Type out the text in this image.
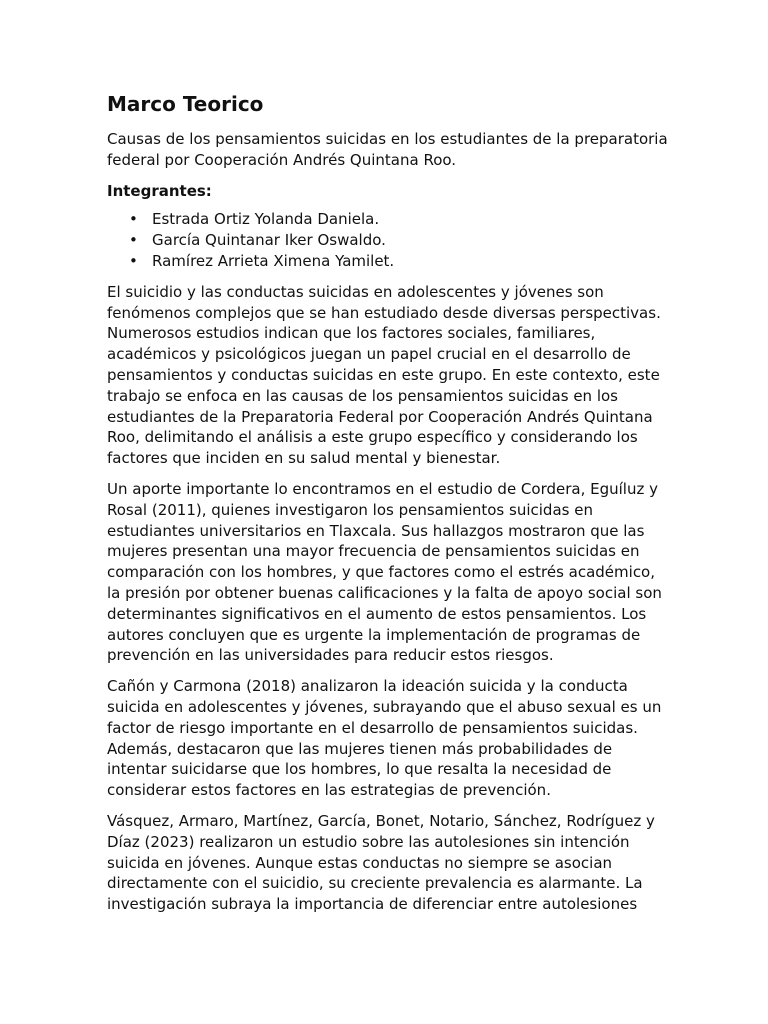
Marco Teorico

Causas de los pensamientos suicidas en los estudiantes de la preparatoria federal por Cooperación Andrés Quintana Roo.

Integrantes:

• Estrada Ortiz Yolanda Daniela.
• García Quintanar Iker Oswaldo.
• Ramírez Arrieta Ximena Yamilet.

El suicidio y las conductas suicidas en adolescentes y jóvenes son fenómenos complejos que se han estudiado desde diversas perspectivas. Numerosos estudios indican que los factores sociales, familiares, académicos y psicológicos juegan un papel crucial en el desarrollo de pensamientos y conductas suicidas en este grupo. En este contexto, este trabajo se enfoca en las causas de los pensamientos suicidas en los estudiantes de la Preparatoria Federal por Cooperación Andrés Quintana Roo, delimitando el análisis a este grupo específico y considerando los factores que inciden en su salud mental y bienestar.

Un aporte importante lo encontramos en el estudio de Cordera, Eguíluz y Rosal (2011), quienes investigaron los pensamientos suicidas en estudiantes universitarios en Tlaxcala. Sus hallazgos mostraron que las mujeres presentan una mayor frecuencia de pensamientos suicidas en comparación con los hombres, y que factores como el estrés académico, la presión por obtener buenas calificaciones y la falta de apoyo social son determinantes significativos en el aumento de estos pensamientos. Los autores concluyen que es urgente la implementación de programas de prevención en las universidades para reducir estos riesgos.

Cañón y Carmona (2018) analizaron la ideación suicida y la conducta suicida en adolescentes y jóvenes, subrayando que el abuso sexual es un factor de riesgo importante en el desarrollo de pensamientos suicidas. Además, destacaron que las mujeres tienen más probabilidades de intentar suicidarse que los hombres, lo que resalta la necesidad de considerar estos factores en las estrategias de prevención.

Vásquez, Armaro, Martínez, García, Bonet, Notario, Sánchez, Rodríguez y Díaz (2023) realizaron un estudio sobre las autolesiones sin intención suicida en jóvenes. Aunque estas conductas no siempre se asocian directamente con el suicidio, su creciente prevalencia es alarmante. La investigación subraya la importancia de diferenciar entre autolesiones
